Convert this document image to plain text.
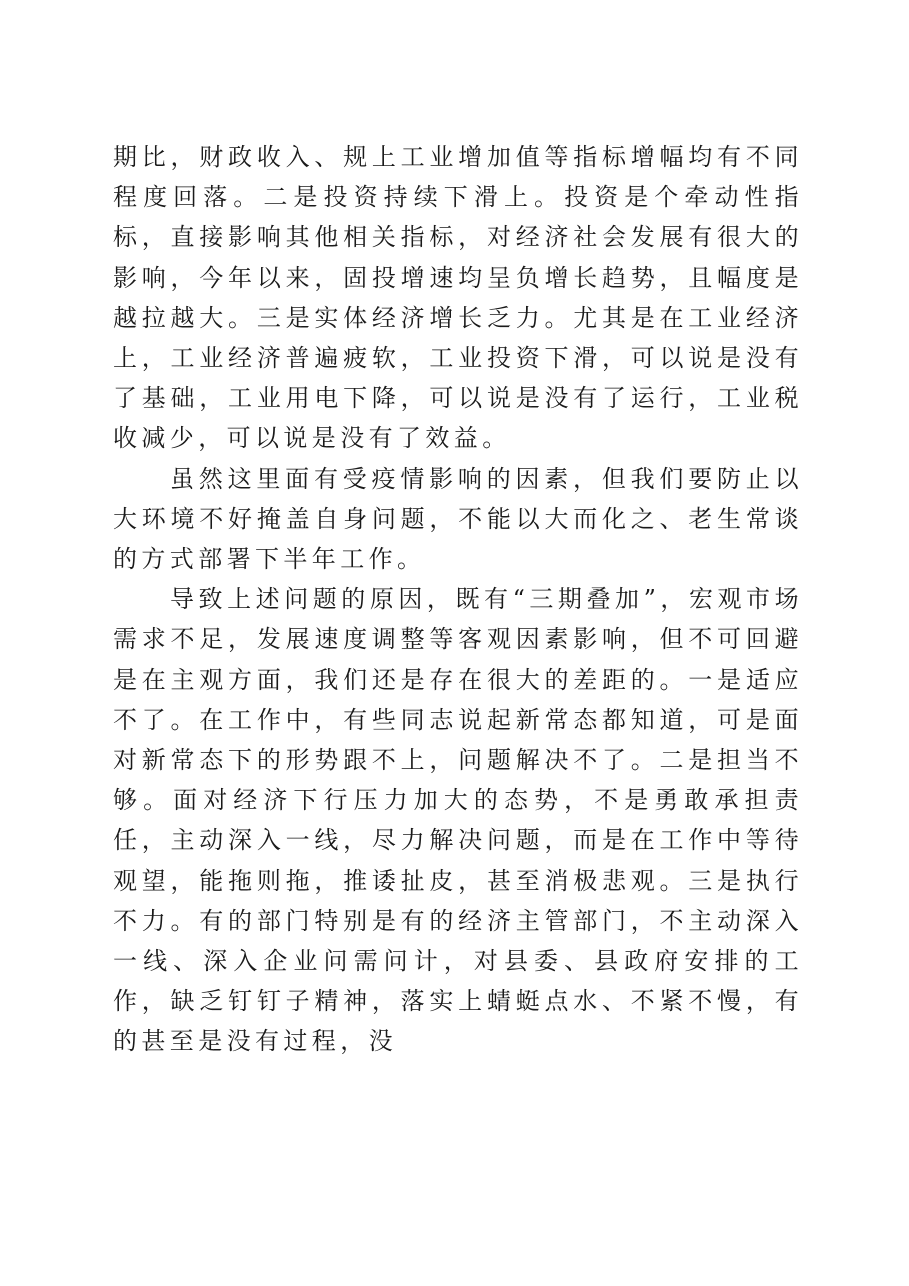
期比，财政收入、规上工业增加值等指标增幅均有不同程度回落。二是投资持续下滑上。投资是个牵动性指标，直接影响其他相关指标，对经济社会发展有很大的影响，今年以来，固投增速均呈负增长趋势，且幅度是越拉越大。三是实体经济增长乏力。尤其是在工业经济上，工业经济普遍疲软，工业投资下滑，可以说是没有了基础，工业用电下降，可以说是没有了运行，工业税收减少，可以说是没有了效益。

虽然这里面有受疫情影响的因素，但我们要防止以大环境不好掩盖自身问题，不能以大而化之、老生常谈的方式部署下半年工作。

导致上述问题的原因，既有“三期叠加”，宏观市场需求不足，发展速度调整等客观因素影响，但不可回避是在主观方面，我们还是存在很大的差距的。一是适应不了。在工作中，有些同志说起新常态都知道，可是面对新常态下的形势跟不上，问题解决不了。二是担当不够。面对经济下行压力加大的态势，不是勇敢承担责任，主动深入一线，尽力解决问题，而是在工作中等待观望，能拖则拖，推诿扯皮，甚至消极悲观。三是执行不力。有的部门特别是有的经济主管部门，不主动深入一线、深入企业问需问计，对县委、县政府安排的工作，缺乏钉钉子精神，落实上蜻蜓点水、不紧不慢，有的甚至是没有过程，没
